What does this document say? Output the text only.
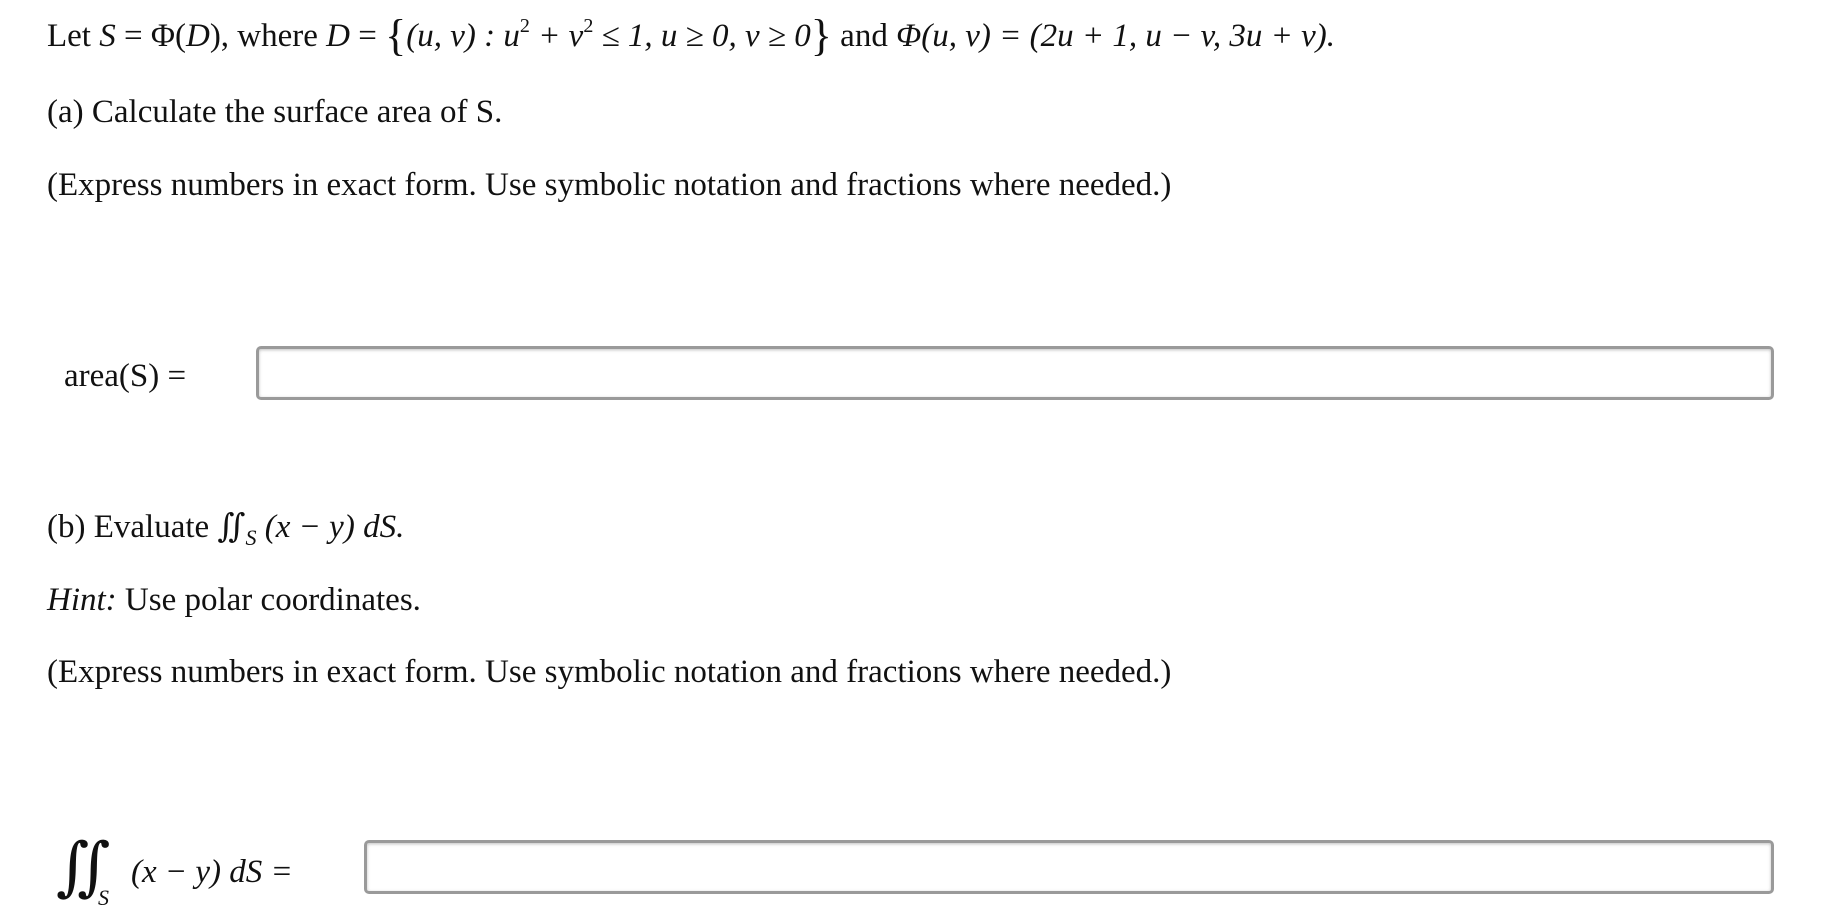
Let S = Φ(D), where D = {(u, v) : $u^2 + v^2 \le 1$, u ≥ 0, v ≥ 0} and Φ(u, v) = (2u + 1, u − v, 3u + v).
(a) Calculate the surface area of S.
(Express numbers in exact form. Use symbolic notation and fractions where needed.)
area(S) =
(b) Evaluate $∬_S$ (x − y) dS.
Hint: Use polar coordinates.
(Express numbers in exact form. Use symbolic notation and fractions where needed.)
∬ S
(x − y) dS =
